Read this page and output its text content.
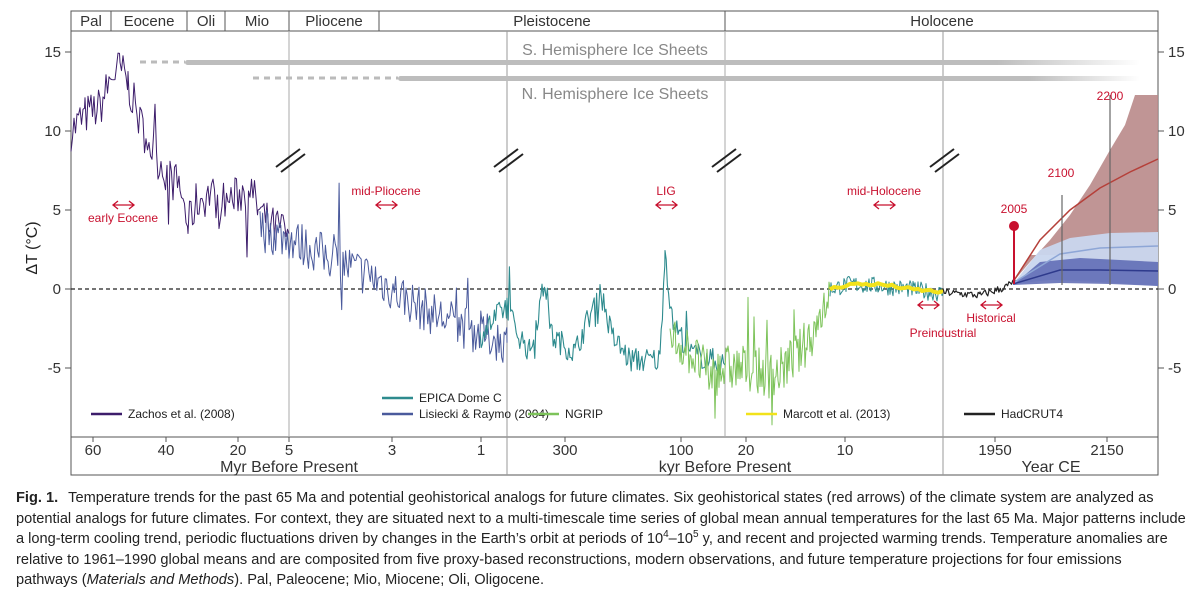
Pal Eocene Oli Mio Pliocene	Pleistocene	Holocene
S. Hemisphere Ice Sheets
N. Hemisphere Ice Sheets
ΔT (°C)
-5	-5
0	0
5	5
10	10
15	15
early Eocene
mid-Pliocene	LIG	mid-Holocene
Preindustrial
Historical
2005
2100
2200
Zachos et al. (2008)
EPICA Dome C
Lisiecki & Raymo (2004) NGRIP	Marcott et al. (2013)	HadCRUT4
60	40	20	5	3	1	300	100	20	10	1950	2150
Myr Before Present	kyr Before Present	Year CE
Fig. 1. Temperature trends for the past 65 Ma and potential geohistorical analogs for future climates. Six geohistorical states (red arrows) of the climate system are analyzed as potential analogs for future climates. For context, they are situated next to a multi-timescale time series of global mean annual temperatures for the last 65 Ma. Major patterns include a long-term cooling trend, periodic fluctuations driven by changes in the Earth’s orbit at periods of $10^4-10^5$ y, and recent and projected warming trends. Temperature anomalies are relative to 1961–1990 global means and are composited from five proxy-based reconstructions, modern observations, and future temperature projections for four emissions pathways (Materials and Methods). Pal, Paleocene; Mio, Miocene; Oli, Oligocene.
